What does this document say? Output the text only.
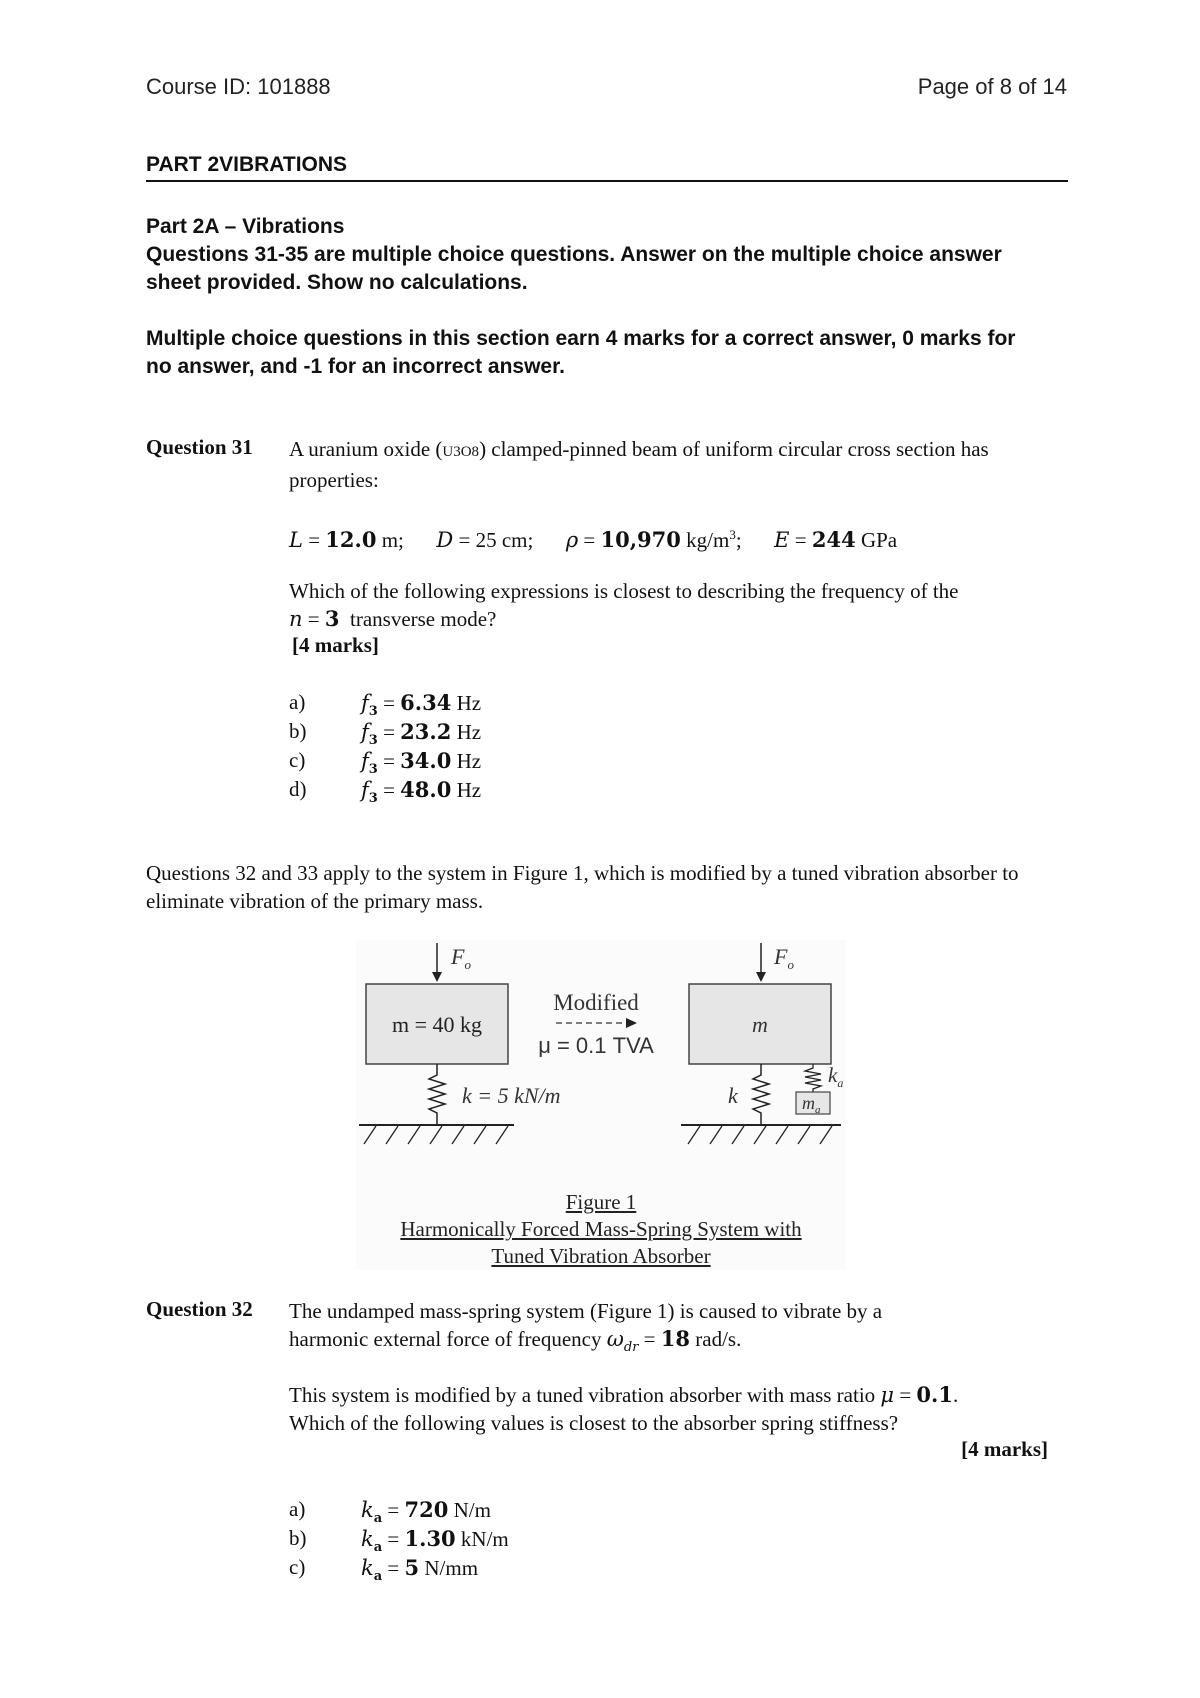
Course ID: 101888	Page of 8 of 14
PART 2VIBRATIONS
Part 2A – Vibrations
Questions 31-35 are multiple choice questions. Answer on the multiple choice answer sheet provided. Show no calculations.
Multiple choice questions in this section earn 4 marks for a correct answer, 0 marks for no answer, and -1 for an incorrect answer.
Question 31 A uranium oxide (U3O8) clamped-pinned beam of uniform circular cross section has properties:
L = 12.0 m; D = 25 cm; ρ = 10,970 $kg/m^3$; E = 244 GPa
Which of the following expressions is closest to describing the frequency of the
n = 3 transverse mode?
[4 marks]
a)	$f_3 = 6.34$ Hz
b)	$f_3 = 23.2$ Hz
c)	$f_3 = 34.0$ Hz
d)	$f_3 = 48.0$ Hz
Questions 32 and 33 apply to the system in Figure 1, which is modified by a tuned vibration absorber to eliminate vibration of the primary mass.
$F_o$
m = 40 kg
k = 5 kN/m
Modified
μ = 0.1 TVA
$F_o$
m
k
$k_a$
$m_a$
Figure 1
Harmonically Forced Mass-Spring System with
Tuned Vibration Absorber
Question 32 The undamped mass-spring system (Figure 1) is caused to vibrate by a
harmonic external force of frequency $\omega_{dr} = 18$ rad/s.
This system is modified by a tuned vibration absorber with mass ratio μ = 0.1.
Which of the following values is closest to the absorber spring stiffness?
[4 marks]
a)	$k_a = 720$ N/m
b)	$k_a = 1.30$ kN/m
c)	$k_a = 5$ N/mm
